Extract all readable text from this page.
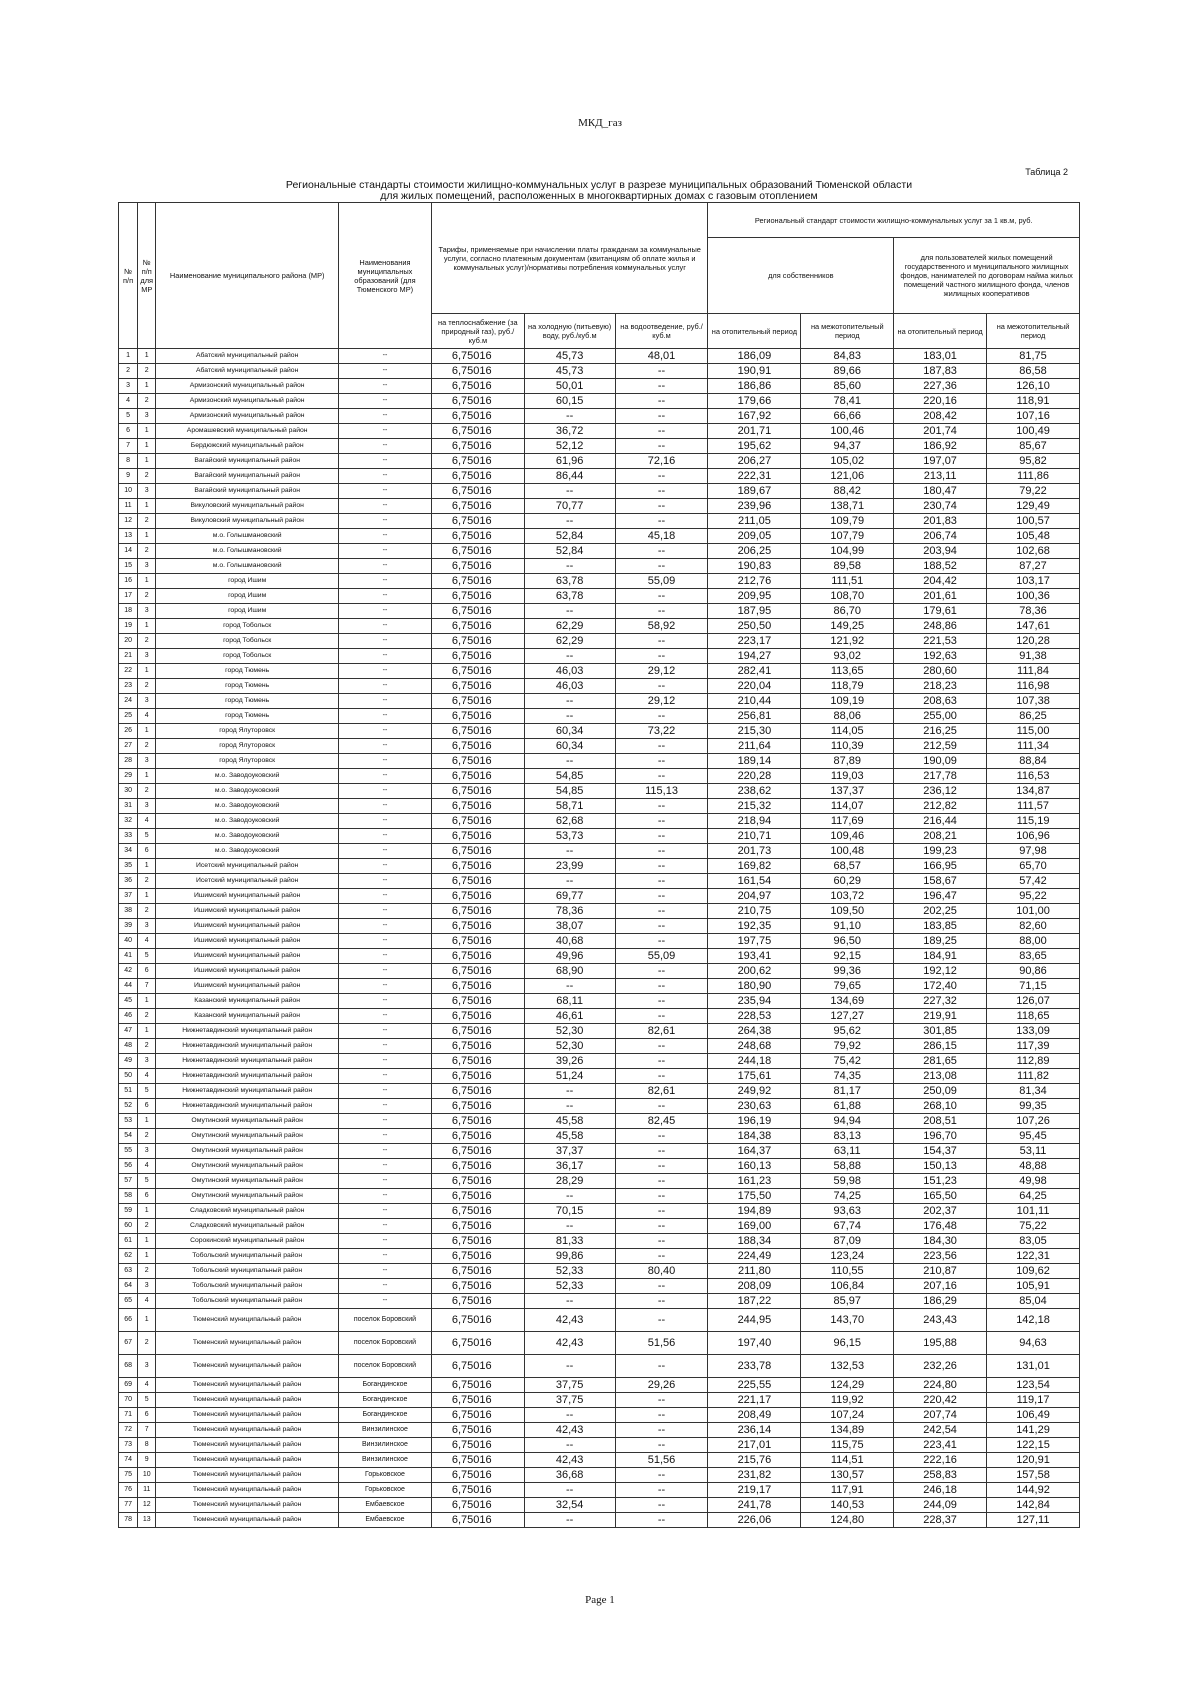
МКД_газ
Таблица 2
Региональные стандарты стоимости жилищно-коммунальных услуг в разрезе муниципальных образований Тюменской области
для жилых помещений, расположенных в многоквартирных домах с газовым отоплением
№ п/п	№ п/п для МР	Наименование муниципального района (МР)	Наименования муниципальных образований (для Тюменского МР)	Тарифы, применяемые при начислении платы гражданам за коммунальные услуги, согласно платежным документам (квитанциям об оплате жилья и коммунальных услуг)/нормативы потребления коммунальных услуг			Региональный стандарт стоимости жилищно-коммунальных услуг за 1 кв.м, руб.			
							для собственников		для пользователей жилых помещений государственного и муниципального жилищных фондов, нанимателей по договорам найма жилых помещений частного жилищного фонда, членов жилищных кооперативов	
				на теплоснабжение (за природный газ), руб./куб.м	на холодную (питьевую) воду, руб./куб.м	на водоотведение, руб./куб.м	на отопительный период	на межотопительный период	на отопительный период	на межотопительный период
1	1	Абатский муниципальный район	--	6,75016	45,73	48,01	186,09	84,83	183,01	81,75
2	2	Абатский муниципальный район	--	6,75016	45,73	--	190,91	89,66	187,83	86,58
3	1	Армизонский муниципальный район	--	6,75016	50,01	--	186,86	85,60	227,36	126,10
4	2	Армизонский муниципальный район	--	6,75016	60,15	--	179,66	78,41	220,16	118,91
5	3	Армизонский муниципальный район	--	6,75016	--	--	167,92	66,66	208,42	107,16
6	1	Аромашевский муниципальный район	--	6,75016	36,72	--	201,71	100,46	201,74	100,49
7	1	Бердюжский муниципальный район	--	6,75016	52,12	--	195,62	94,37	186,92	85,67
8	1	Вагайский муниципальный район	--	6,75016	61,96	72,16	206,27	105,02	197,07	95,82
9	2	Вагайский муниципальный район	--	6,75016	86,44	--	222,31	121,06	213,11	111,86
10	3	Вагайский муниципальный район	--	6,75016	--	--	189,67	88,42	180,47	79,22
11	1	Викуловский муниципальный район	--	6,75016	70,77	--	239,96	138,71	230,74	129,49
12	2	Викуловский муниципальный район	--	6,75016	--	--	211,05	109,79	201,83	100,57
13	1	м.о. Голышмановский	--	6,75016	52,84	45,18	209,05	107,79	206,74	105,48
14	2	м.о. Голышмановский	--	6,75016	52,84	--	206,25	104,99	203,94	102,68
15	3	м.о. Голышмановский	--	6,75016	--	--	190,83	89,58	188,52	87,27
16	1	город Ишим	--	6,75016	63,78	55,09	212,76	111,51	204,42	103,17
17	2	город Ишим	--	6,75016	63,78	--	209,95	108,70	201,61	100,36
18	3	город Ишим	--	6,75016	--	--	187,95	86,70	179,61	78,36
19	1	город Тобольск	--	6,75016	62,29	58,92	250,50	149,25	248,86	147,61
20	2	город Тобольск	--	6,75016	62,29	--	223,17	121,92	221,53	120,28
21	3	город Тобольск	--	6,75016	--	--	194,27	93,02	192,63	91,38
22	1	город Тюмень	--	6,75016	46,03	29,12	282,41	113,65	280,60	111,84
23	2	город Тюмень	--	6,75016	46,03	--	220,04	118,79	218,23	116,98
24	3	город Тюмень	--	6,75016	--	29,12	210,44	109,19	208,63	107,38
25	4	город Тюмень	--	6,75016	--	--	256,81	88,06	255,00	86,25
26	1	город Ялуторовск	--	6,75016	60,34	73,22	215,30	114,05	216,25	115,00
27	2	город Ялуторовск	--	6,75016	60,34	--	211,64	110,39	212,59	111,34
28	3	город Ялуторовск	--	6,75016	--	--	189,14	87,89	190,09	88,84
29	1	м.о. Заводоуковский	--	6,75016	54,85	--	220,28	119,03	217,78	116,53
30	2	м.о. Заводоуковский	--	6,75016	54,85	115,13	238,62	137,37	236,12	134,87
31	3	м.о. Заводоуковский	--	6,75016	58,71	--	215,32	114,07	212,82	111,57
32	4	м.о. Заводоуковский	--	6,75016	62,68	--	218,94	117,69	216,44	115,19
33	5	м.о. Заводоуковский	--	6,75016	53,73	--	210,71	109,46	208,21	106,96
34	6	м.о. Заводоуковский	--	6,75016	--	--	201,73	100,48	199,23	97,98
35	1	Исетский муниципальный район	--	6,75016	23,99	--	169,82	68,57	166,95	65,70
36	2	Исетский муниципальный район	--	6,75016	--	--	161,54	60,29	158,67	57,42
37	1	Ишимский муниципальный район	--	6,75016	69,77	--	204,97	103,72	196,47	95,22
38	2	Ишимский муниципальный район	--	6,75016	78,36	--	210,75	109,50	202,25	101,00
39	3	Ишимский муниципальный район	--	6,75016	38,07	--	192,35	91,10	183,85	82,60
40	4	Ишимский муниципальный район	--	6,75016	40,68	--	197,75	96,50	189,25	88,00
41	5	Ишимский муниципальный район	--	6,75016	49,96	55,09	193,41	92,15	184,91	83,65
42	6	Ишимский муниципальный район	--	6,75016	68,90	--	200,62	99,36	192,12	90,86
44	7	Ишимский муниципальный район	--	6,75016	--	--	180,90	79,65	172,40	71,15
45	1	Казанский муниципальный район	--	6,75016	68,11	--	235,94	134,69	227,32	126,07
46	2	Казанский муниципальный район	--	6,75016	46,61	--	228,53	127,27	219,91	118,65
47	1	Нижнетавдинский муниципальный район	--	6,75016	52,30	82,61	264,38	95,62	301,85	133,09
48	2	Нижнетавдинский муниципальный район	--	6,75016	52,30	--	248,68	79,92	286,15	117,39
49	3	Нижнетавдинский муниципальный район	--	6,75016	39,26	--	244,18	75,42	281,65	112,89
50	4	Нижнетавдинский муниципальный район	--	6,75016	51,24	--	175,61	74,35	213,08	111,82
51	5	Нижнетавдинский муниципальный район	--	6,75016	--	82,61	249,92	81,17	250,09	81,34
52	6	Нижнетавдинский муниципальный район	--	6,75016	--	--	230,63	61,88	268,10	99,35
53	1	Омутинский муниципальный район	--	6,75016	45,58	82,45	196,19	94,94	208,51	107,26
54	2	Омутинский муниципальный район	--	6,75016	45,58	--	184,38	83,13	196,70	95,45
55	3	Омутинский муниципальный район	--	6,75016	37,37	--	164,37	63,11	154,37	53,11
56	4	Омутинский муниципальный район	--	6,75016	36,17	--	160,13	58,88	150,13	48,88
57	5	Омутинский муниципальный район	--	6,75016	28,29	--	161,23	59,98	151,23	49,98
58	6	Омутинский муниципальный район	--	6,75016	--	--	175,50	74,25	165,50	64,25
59	1	Сладковский муниципальный район	--	6,75016	70,15	--	194,89	93,63	202,37	101,11
60	2	Сладковский муниципальный район	--	6,75016	--	--	169,00	67,74	176,48	75,22
61	1	Сорокинский муниципальный район	--	6,75016	81,33	--	188,34	87,09	184,30	83,05
62	1	Тобольский муниципальный район	--	6,75016	99,86	--	224,49	123,24	223,56	122,31
63	2	Тобольский муниципальный район	--	6,75016	52,33	80,40	211,80	110,55	210,87	109,62
64	3	Тобольский муниципальный район	--	6,75016	52,33	--	208,09	106,84	207,16	105,91
65	4	Тобольский муниципальный район	--	6,75016	--	--	187,22	85,97	186,29	85,04
66	1	Тюменский муниципальный район	поселок Боровский	6,75016	42,43	--	244,95	143,70	243,43	142,18
67	2	Тюменский муниципальный район	поселок Боровский	6,75016	42,43	51,56	197,40	96,15	195,88	94,63
68	3	Тюменский муниципальный район	поселок Боровский	6,75016	--	--	233,78	132,53	232,26	131,01
69	4	Тюменский муниципальный район	Богандинское	6,75016	37,75	29,26	225,55	124,29	224,80	123,54
70	5	Тюменский муниципальный район	Богандинское	6,75016	37,75	--	221,17	119,92	220,42	119,17
71	6	Тюменский муниципальный район	Богандинское	6,75016	--	--	208,49	107,24	207,74	106,49
72	7	Тюменский муниципальный район	Винзилинское	6,75016	42,43	--	236,14	134,89	242,54	141,29
73	8	Тюменский муниципальный район	Винзилинское	6,75016	--	--	217,01	115,75	223,41	122,15
74	9	Тюменский муниципальный район	Винзилинское	6,75016	42,43	51,56	215,76	114,51	222,16	120,91
75	10	Тюменский муниципальный район	Горьковское	6,75016	36,68	--	231,82	130,57	258,83	157,58
76	11	Тюменский муниципальный район	Горьковское	6,75016	--	--	219,17	117,91	246,18	144,92
77	12	Тюменский муниципальный район	Ембаевское	6,75016	32,54	--	241,78	140,53	244,09	142,84
78	13	Тюменский муниципальный район	Ембаевское	6,75016	--	--	226,06	124,80	228,37	127,11
Page 1
